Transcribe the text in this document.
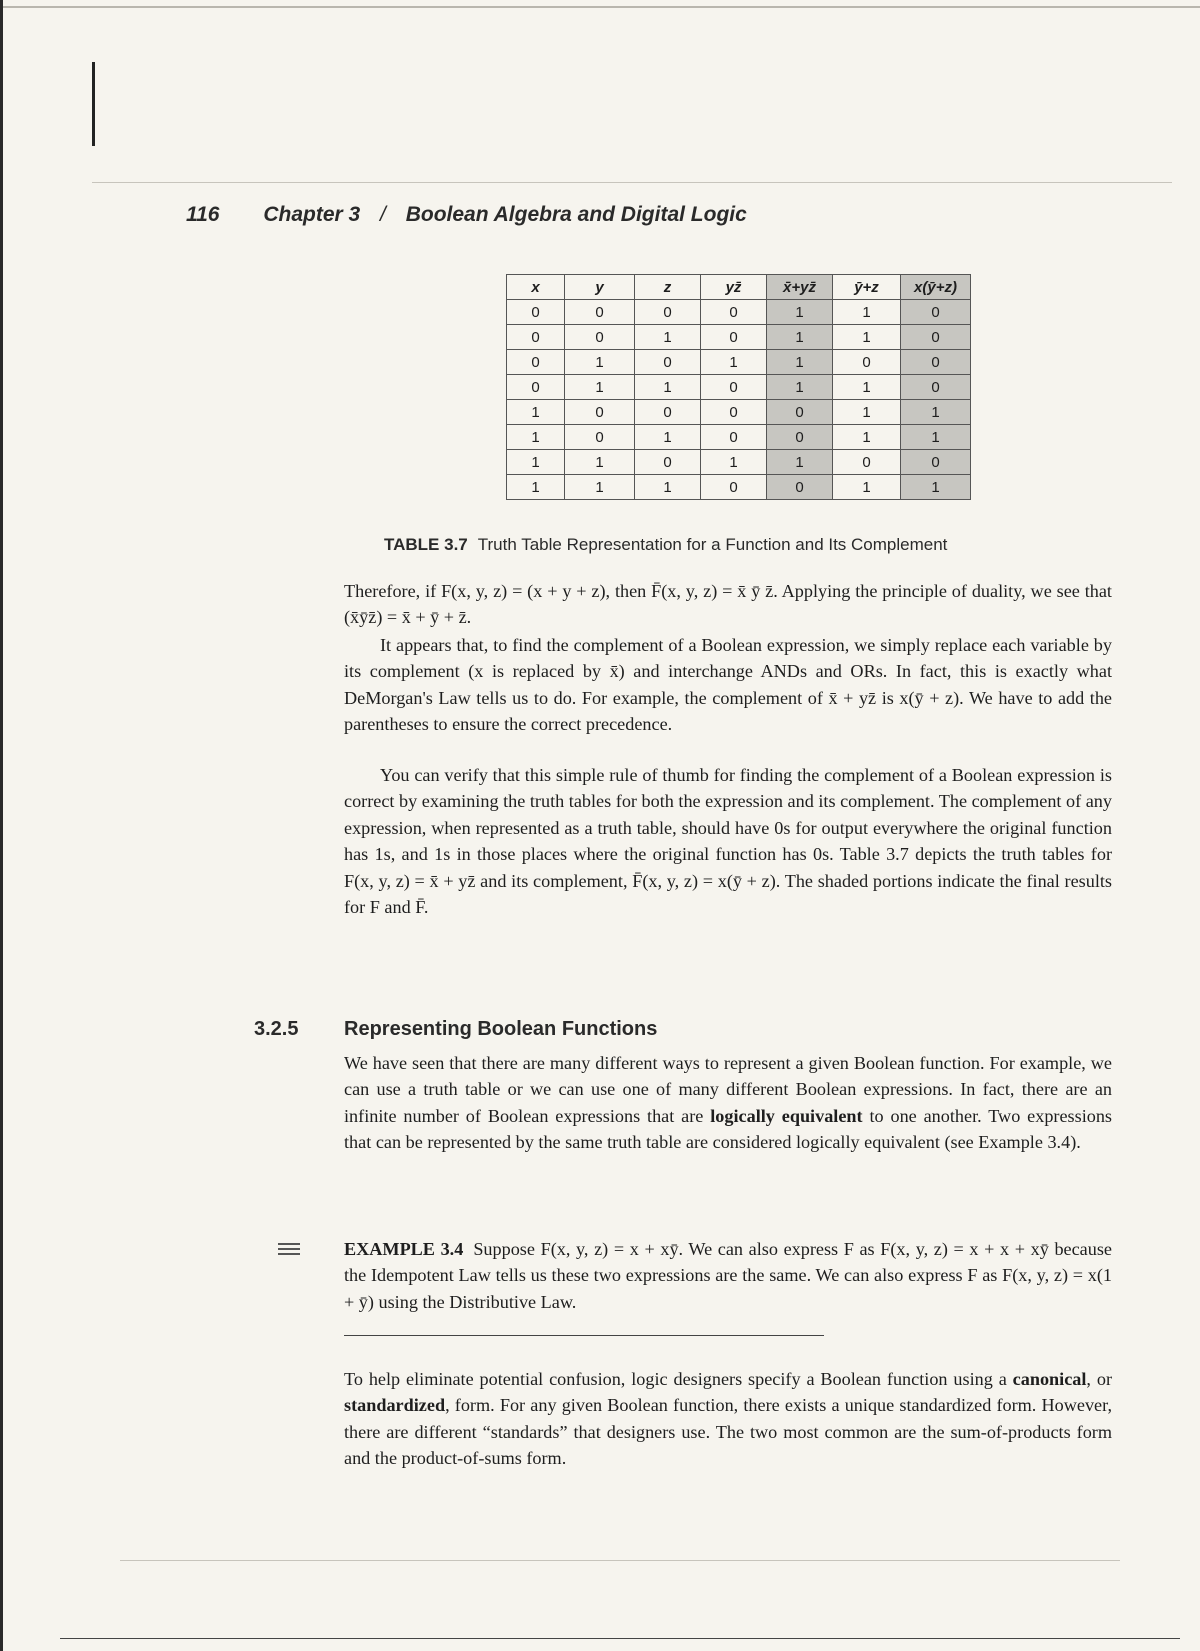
116 Chapter 3 / Boolean Algebra and Digital Logic
x	y	z	yz̄	x̄+yz̄	ȳ+z	x(ȳ+z)
0	0	0	0	1	1	0
0	0	1	0	1	1	0
0	1	0	1	1	0	0
0	1	1	0	1	1	0
1	0	0	0	0	1	1
1	0	1	0	0	1	1
1	1	0	1	1	0	0
1	1	1	0	0	1	1
TABLE 3.7 Truth Table Representation for a Function and Its Complement
Therefore, if F(x, y, z) = (x + y + z), then F̄(x, y, z) = x̄ ȳ z̄. Applying the principle of duality, we see that (x̄ȳz̄) = x̄ + ȳ + z̄.
It appears that, to find the complement of a Boolean expression, we simply replace each variable by its complement (x is replaced by x̄) and interchange ANDs and ORs. In fact, this is exactly what DeMorgan's Law tells us to do. For example, the complement of x̄ + yz̄ is x(ȳ + z). We have to add the parentheses to ensure the correct precedence.
You can verify that this simple rule of thumb for finding the complement of a Boolean expression is correct by examining the truth tables for both the expression and its complement. The complement of any expression, when represented as a truth table, should have 0s for output everywhere the original function has 1s, and 1s in those places where the original function has 0s. Table 3.7 depicts the truth tables for F(x, y, z) = x̄ + yz̄ and its complement, F̄(x, y, z) = x(ȳ + z). The shaded portions indicate the final results for F and F̄.
3.2.5 Representing Boolean Functions
We have seen that there are many different ways to represent a given Boolean function. For example, we can use a truth table or we can use one of many different Boolean expressions. In fact, there are an infinite number of Boolean expressions that are logically equivalent to one another. Two expressions that can be represented by the same truth table are considered logically equivalent (see Example 3.4).
EXAMPLE 3.4 Suppose F(x, y, z) = x + xȳ. We can also express F as F(x, y, z) = x + x + xȳ because the Idempotent Law tells us these two expressions are the same. We can also express F as F(x, y, z) = x(1 + ȳ) using the Distributive Law.
To help eliminate potential confusion, logic designers specify a Boolean function using a canonical, or standardized, form. For any given Boolean function, there exists a unique standardized form. However, there are different “standards” that designers use. The two most common are the sum-of-products form and the product-of-sums form.
